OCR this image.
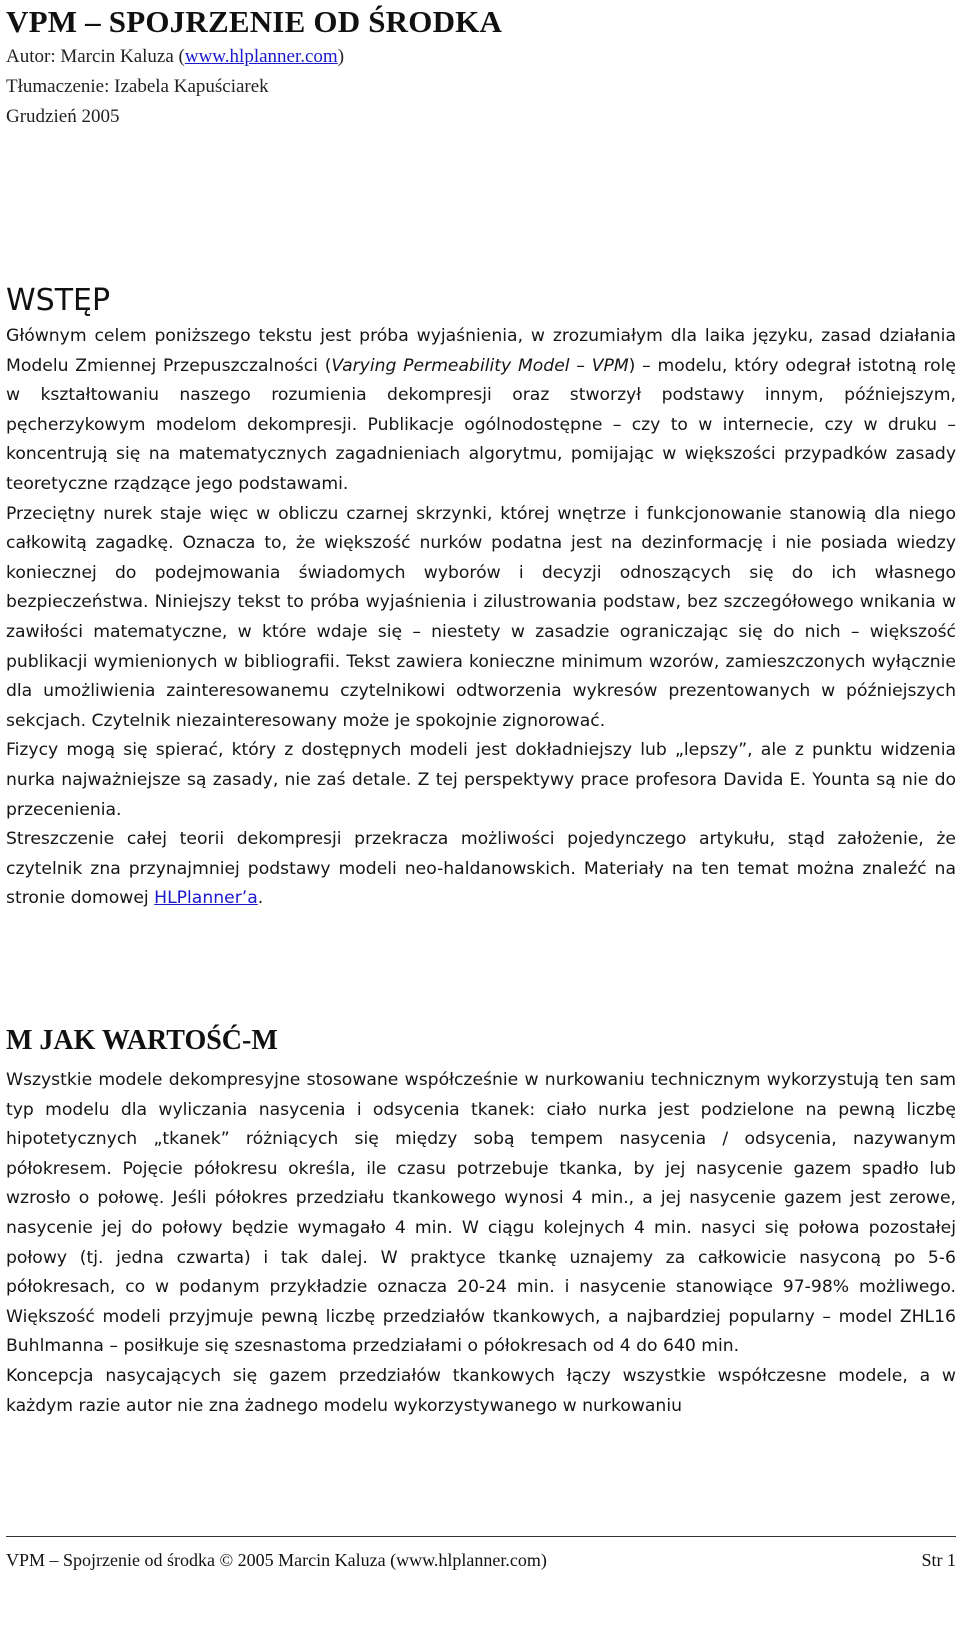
VPM – SPOJRZENIE OD ŚRODKA
Autor: Marcin Kaluza (www.hlplanner.com)
Tłumaczenie: Izabela Kapuściarek
Grudzień 2005
WSTĘP

Głównym celem poniższego tekstu jest próba wyjaśnienia, w zrozumiałym dla laika języku, zasad działania Modelu Zmiennej Przepuszczalności (Varying Permeability Model – VPM) – modelu, który odegrał istotną rolę w kształtowaniu naszego rozumienia dekompresji oraz stworzył podstawy innym, późniejszym, pęcherzykowym modelom dekompresji. Publikacje ogólnodostępne – czy to w internecie, czy w druku – koncentrują się na matematycznych zagadnieniach algorytmu, pomijając w większości przypadków zasady teoretyczne rządzące jego podstawami.

Przeciętny nurek staje więc w obliczu czarnej skrzynki, której wnętrze i funkcjonowanie stanowią dla niego całkowitą zagadkę. Oznacza to, że większość nurków podatna jest na dezinformację i nie posiada wiedzy koniecznej do podejmowania świadomych wyborów i decyzji odnoszących się do ich własnego bezpieczeństwa. Niniejszy tekst to próba wyjaśnienia i zilustrowania podstaw, bez szczegółowego wnikania w zawiłości matematyczne, w które wdaje się – niestety w zasadzie ograniczając się do nich – większość publikacji wymienionych w bibliografii. Tekst zawiera konieczne minimum wzorów, zamieszczonych wyłącznie dla umożliwienia zainteresowanemu czytelnikowi odtworzenia wykresów prezentowanych w późniejszych sekcjach. Czytelnik niezainteresowany może je spokojnie zignorować.

Fizycy mogą się spierać, który z dostępnych modeli jest dokładniejszy lub „lepszy”, ale z punktu widzenia nurka najważniejsze są zasady, nie zaś detale. Z tej perspektywy prace profesora Davida E. Younta są nie do przecenienia.

Streszczenie całej teorii dekompresji przekracza możliwości pojedynczego artykułu, stąd założenie, że czytelnik zna przynajmniej podstawy modeli neo-haldanowskich. Materiały na ten temat można znaleźć na stronie domowej HLPlanner’a.

M JAK WARTOŚĆ-M

Wszystkie modele dekompresyjne stosowane współcześnie w nurkowaniu technicznym wykorzystują ten sam typ modelu dla wyliczania nasycenia i odsycenia tkanek: ciało nurka jest podzielone na pewną liczbę hipotetycznych „tkanek” różniących się między sobą tempem nasycenia / odsycenia, nazywanym półokresem. Pojęcie półokresu określa, ile czasu potrzebuje tkanka, by jej nasycenie gazem spadło lub wzrosło o połowę. Jeśli półokres przedziału tkankowego wynosi 4 min., a jej nasycenie gazem jest zerowe, nasycenie jej do połowy będzie wymagało 4 min. W ciągu kolejnych 4 min. nasyci się połowa pozostałej połowy (tj. jedna czwarta) i tak dalej. W praktyce tkankę uznajemy za całkowicie nasyconą po 5-6 półokresach, co w podanym przykładzie oznacza 20-24 min. i nasycenie stanowiące 97-98% możliwego. Większość modeli przyjmuje pewną liczbę przedziałów tkankowych, a najbardziej popularny – model ZHL16 Buhlmanna – posiłkuje się szesnastoma przedziałami o półokresach od 4 do 640 min.

Koncepcja nasycających się gazem przedziałów tkankowych łączy wszystkie współczesne modele, a w każdym razie autor nie zna żadnego modelu wykorzystywanego w nurkowaniu

VPM – Spojrzenie od środka © 2005 Marcin Kaluza (www.hlplanner.com)	Str 1
